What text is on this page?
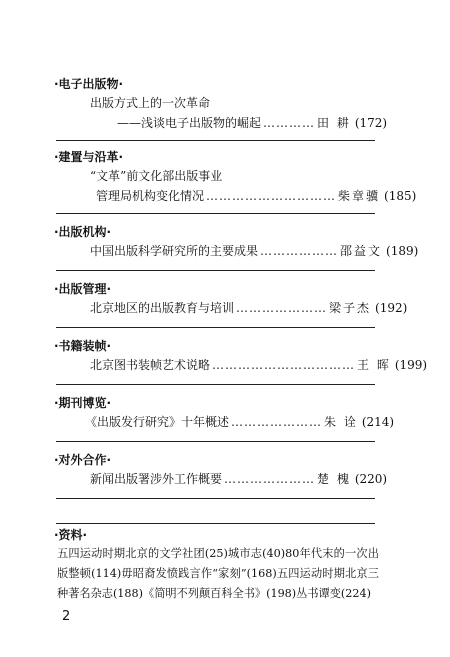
·电子出版物·
出版方式上的一次革命
——浅谈电子出版物的崛起 ………… 田 耕 (172)
·建置与沿革·
“文革”前文化部出版事业
管理局机构变化情况 ………………………… 柴章骥 (185)
·出版机构·
中国出版科学研究所的主要成果 ……………… 邵益文 (189)
·出版管理·
北京地区的出版教育与培训 ………………… 梁子杰 (192)
·书籍装帧·
北京图书装帧艺术说略 …………………………… 王 晖 (199)
·期刊博览·
《出版发行研究》十年概述 ………………… 朱 诠 (214)
·对外合作·
新闻出版署涉外工作概要 ………………… 楚 槐 (220)
·资料·
五四运动时期北京的文学社团(25)城市志(40)80年代末的一次出版整顿(114)毋昭裔发愤践言作“家刻”(168)五四运动时期北京三种著名杂志(188)《简明不列颠百科全书》(198)丛书谭变(224)
2
